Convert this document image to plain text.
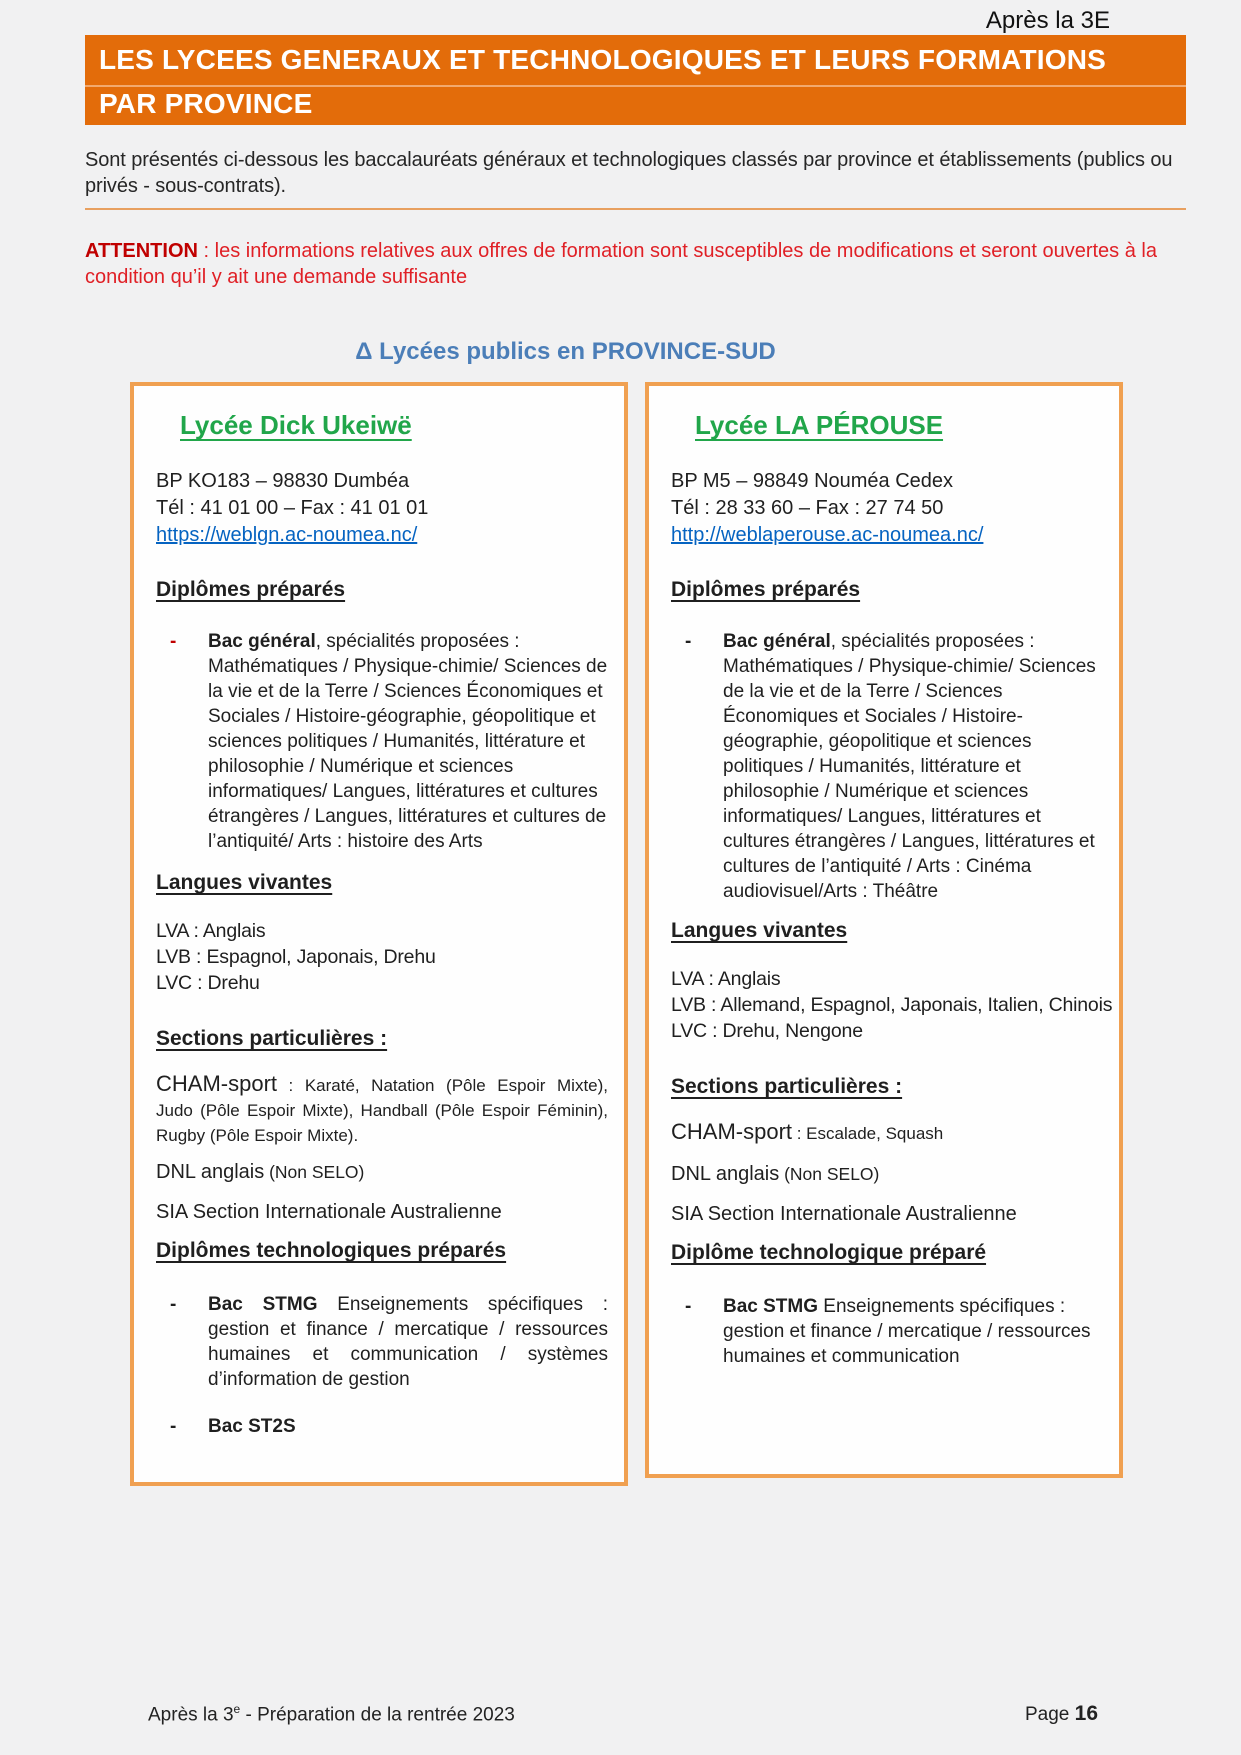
Après la 3E
LES LYCEES GENERAUX ET TECHNOLOGIQUES ET LEURS FORMATIONS
PAR PROVINCE

Sont présentés ci-dessous les baccalauréats généraux et technologiques classés par province et établissements (publics ou privés - sous-contrats).

ATTENTION : les informations relatives aux offres de formation sont susceptibles de modifications et seront ouvertes à la condition qu’il y ait une demande suffisante

Δ Lycées publics en PROVINCE-SUD
Lycée Dick Ukeiwë
BP KO183 – 98830 Dumbéa
Tél : 41 01 00 – Fax : 41 01 01
https://weblgn.ac-noumea.nc/
Diplômes préparés
-	Bac général, spécialités proposées : Mathématiques / Physique-chimie/ Sciences de la vie et de la Terre / Sciences Économiques et Sociales / Histoire-géographie, géopolitique et sciences politiques / Humanités, littérature et philosophie / Numérique et sciences informatiques/ Langues, littératures et cultures étrangères / Langues, littératures et cultures de l’antiquité/ Arts : histoire des Arts
Langues vivantes
LVA : Anglais
LVB : Espagnol, Japonais, Drehu
LVC : Drehu
Sections particulières :

CHAM-sport : Karaté, Natation (Pôle Espoir Mixte), Judo (Pôle Espoir Mixte), Handball (Pôle Espoir Féminin), Rugby (Pôle Espoir Mixte).

DNL anglais (Non SELO)

SIA Section Internationale Australienne

Diplômes technologiques préparés
-	Bac STMG Enseignements spécifiques : gestion et finance / mercatique / ressources humaines et communication / systèmes d’information de gestion
-	Bac ST2S
Lycée LA PÉROUSE
BP M5 – 98849 Nouméa Cedex
Tél : 28 33 60 – Fax : 27 74 50
http://weblaperouse.ac-noumea.nc/
Diplômes préparés
-	Bac général, spécialités proposées : Mathématiques / Physique-chimie/ Sciences de la vie et de la Terre / Sciences Économiques et Sociales / Histoire-géographie, géopolitique et sciences politiques / Humanités, littérature et philosophie / Numérique et sciences informatiques/ Langues, littératures et cultures étrangères / Langues, littératures et cultures de l’antiquité / Arts : Cinéma audiovisuel/Arts : Théâtre
Langues vivantes
LVA : Anglais
LVB : Allemand, Espagnol, Japonais, Italien, Chinois
LVC : Drehu, Nengone
Sections particulières :

CHAM-sport : Escalade, Squash

DNL anglais (Non SELO)

SIA Section Internationale Australienne

Diplôme technologique préparé
-	Bac STMG Enseignements spécifiques : gestion et finance / mercatique / ressources humaines et communication
Après la 3e - Préparation de la rentrée 2023	Page 16
